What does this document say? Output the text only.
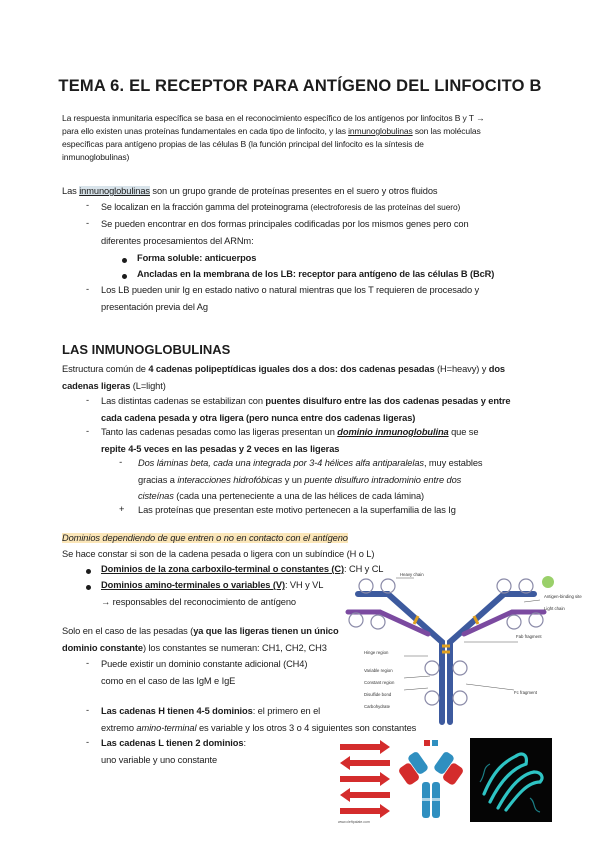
TEMA 6. EL RECEPTOR PARA ANTÍGENO DEL LINFOCITO B
La respuesta inmunitaria específica se basa en el reconocimiento específico de los antígenos por linfocitos B y T →
para ello existen unas proteínas fundamentales en cada tipo de linfocito, y las inmunoglobulinas son las moléculas
específicas para antígeno propias de las células B (la función principal del linfocito es la síntesis de
inmunoglobulinas)
Las inmunoglobulinas son un grupo grande de proteínas presentes en el suero y otros fluidos
- Se localizan en la fracción gamma del proteinograma (electroforesis de las proteínas del suero)
- Se pueden encontrar en dos formas principales codificadas por los mismos genes pero con
diferentes procesamientos del ARNm:
Forma soluble: anticuerpos
Ancladas en la membrana de los LB: receptor para antígeno de las células B (BcR)
- Los LB pueden unir Ig en estado nativo o natural mientras que los T requieren de procesado y
presentación previa del Ag
LAS INMUNOGLOBULINAS
Estructura común de 4 cadenas polipeptídicas iguales dos a dos: dos cadenas pesadas (H=heavy) y dos
cadenas ligeras (L=light)
- Las distintas cadenas se estabilizan con puentes disulfuro entre las dos cadenas pesadas y entre
cada cadena pesada y otra ligera (pero nunca entre dos cadenas ligeras)
- Tanto las cadenas pesadas como las ligeras presentan un dominio inmunoglobulina que se
repite 4-5 veces en las pesadas y 2 veces en las ligeras
- Dos láminas beta, cada una integrada por 3-4 hélices alfa antiparalelas, muy estables
gracias a interacciones hidrofóbicas y un puente disulfuro intradominio entre dos
cisteínas (cada una perteneciente a una de las hélices de cada lámina)
+ Las proteínas que presentan este motivo pertenecen a la superfamilia de las Ig
Dominios dependiendo de que entren o no en contacto con el antígeno
Se hace constar si son de la cadena pesada o ligera con un subíndice (H o L)
Dominios de la zona carboxilo-terminal o constantes (C): CH y CL
Dominios amino-terminales o variables (V): VH y VL
→ responsables del reconocimiento de antígeno
Solo en el caso de las pesadas (ya que las ligeras tienen un único
dominio constante) los constantes se numeran: CH1, CH2, CH3
- Puede existir un dominio constante adicional (CH4)
como en el caso de las IgM e IgE
- Las cadenas H tienen 4-5 dominios: el primero en el
extremo amino-terminal es variable y los otros 3 o 4 siguientes son constantes
- Las cadenas L tienen 2 dominios:
uno variable y uno constante
Heavy chain
Antigen-binding site
Light chain
Fab fragment
Hinge region
Variable region
Constant region
Disulfide bond
Carbohydrate
Fc fragment
www.cleftpalate.com
